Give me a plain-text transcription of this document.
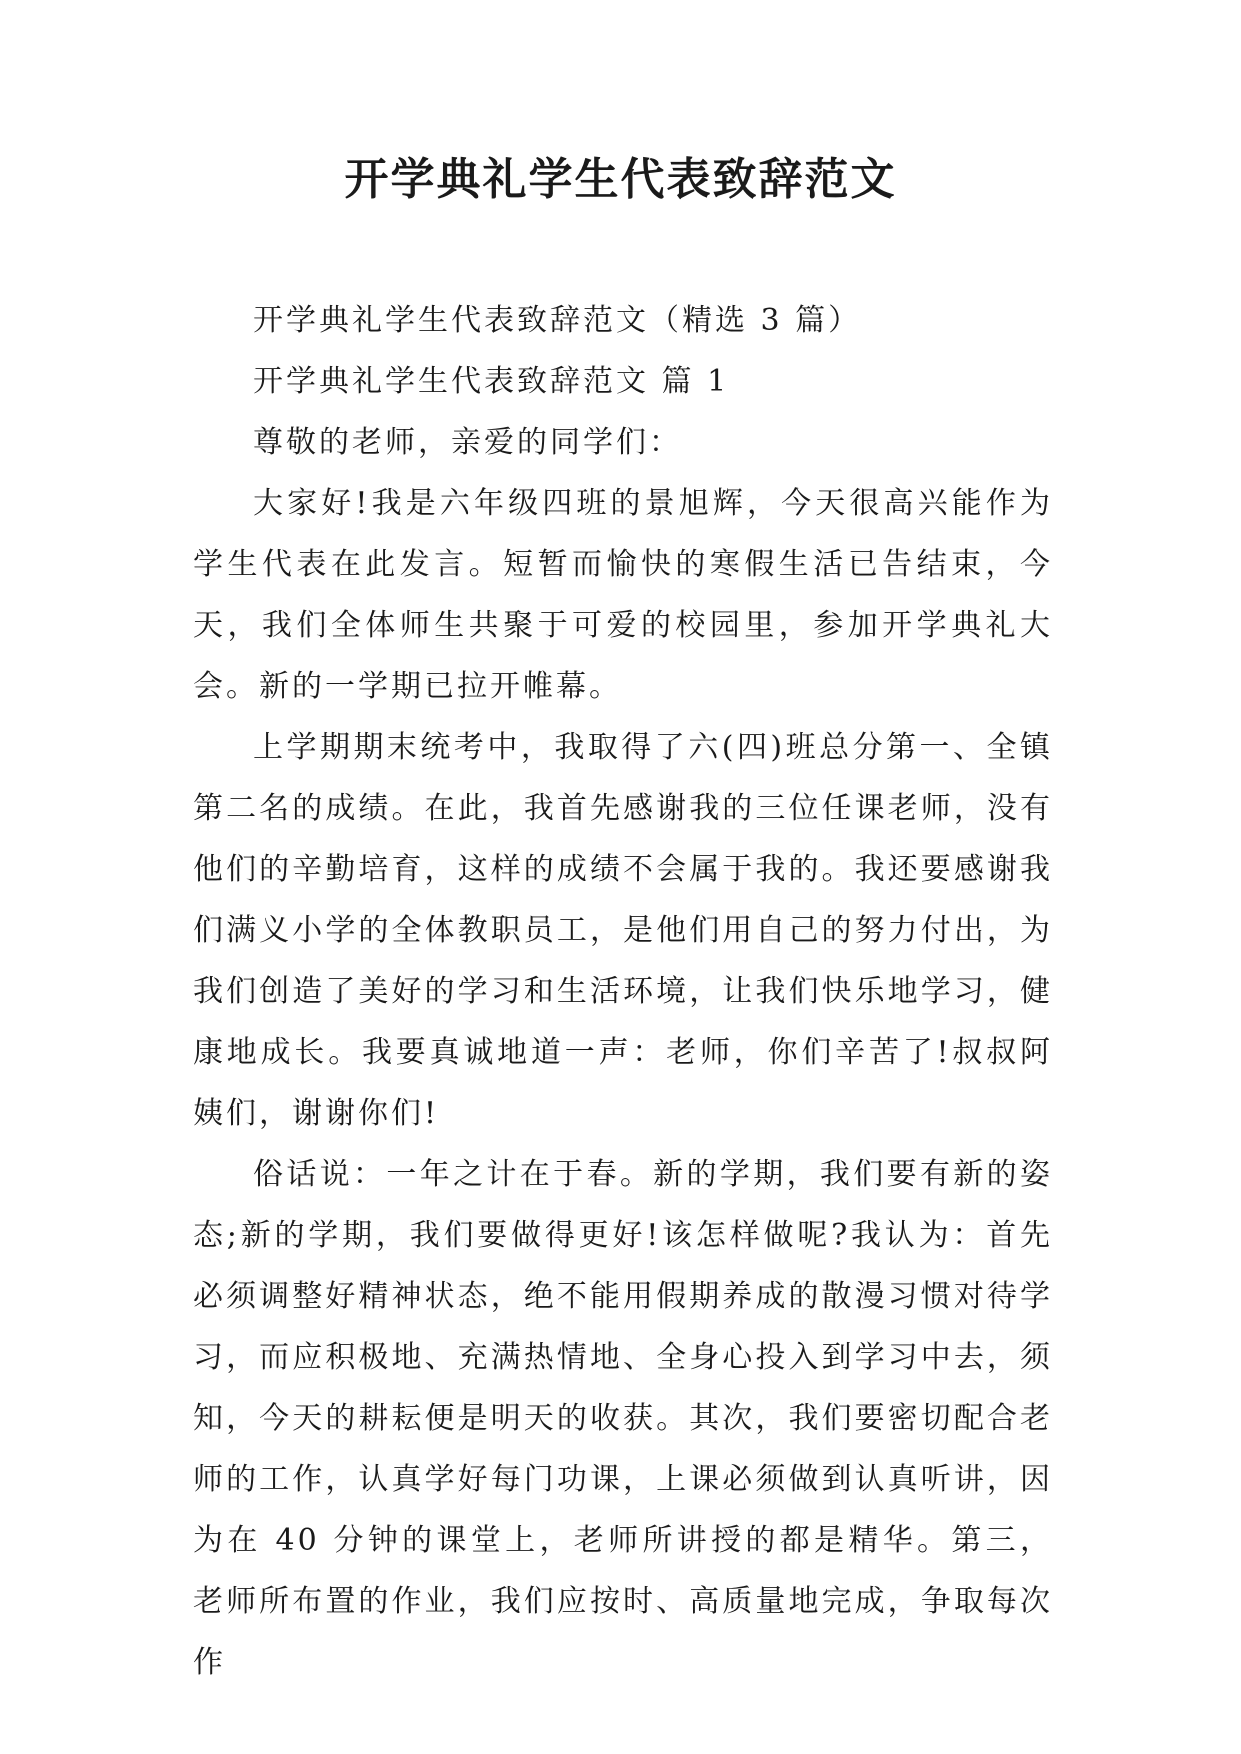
开学典礼学生代表致辞范文

开学典礼学生代表致辞范文（精选 3 篇）

开学典礼学生代表致辞范文 篇 1

尊敬的老师，亲爱的同学们：

大家好!我是六年级四班的景旭辉，今天很高兴能作为学生代表在此发言。短暂而愉快的寒假生活已告结束，今天，我们全体师生共聚于可爱的校园里，参加开学典礼大会。新的一学期已拉开帷幕。

上学期期末统考中，我取得了六(四)班总分第一、全镇第二名的成绩。在此，我首先感谢我的三位任课老师，没有他们的辛勤培育，这样的成绩不会属于我的。我还要感谢我们满义小学的全体教职员工，是他们用自己的努力付出，为我们创造了美好的学习和生活环境，让我们快乐地学习，健康地成长。我要真诚地道一声：老师，你们辛苦了!叔叔阿姨们，谢谢你们!

俗话说：一年之计在于春。新的学期，我们要有新的姿态;新的学期，我们要做得更好!该怎样做呢?我认为：首先必须调整好精神状态，绝不能用假期养成的散漫习惯对待学习，而应积极地、充满热情地、全身心投入到学习中去，须知，今天的耕耘便是明天的收获。其次，我们要密切配合老师的工作，认真学好每门功课，上课必须做到认真听讲，因为在 40 分钟的课堂上，老师所讲授的都是精华。第三，老师所布置的作业，我们应按时、高质量地完成，争取每次作
